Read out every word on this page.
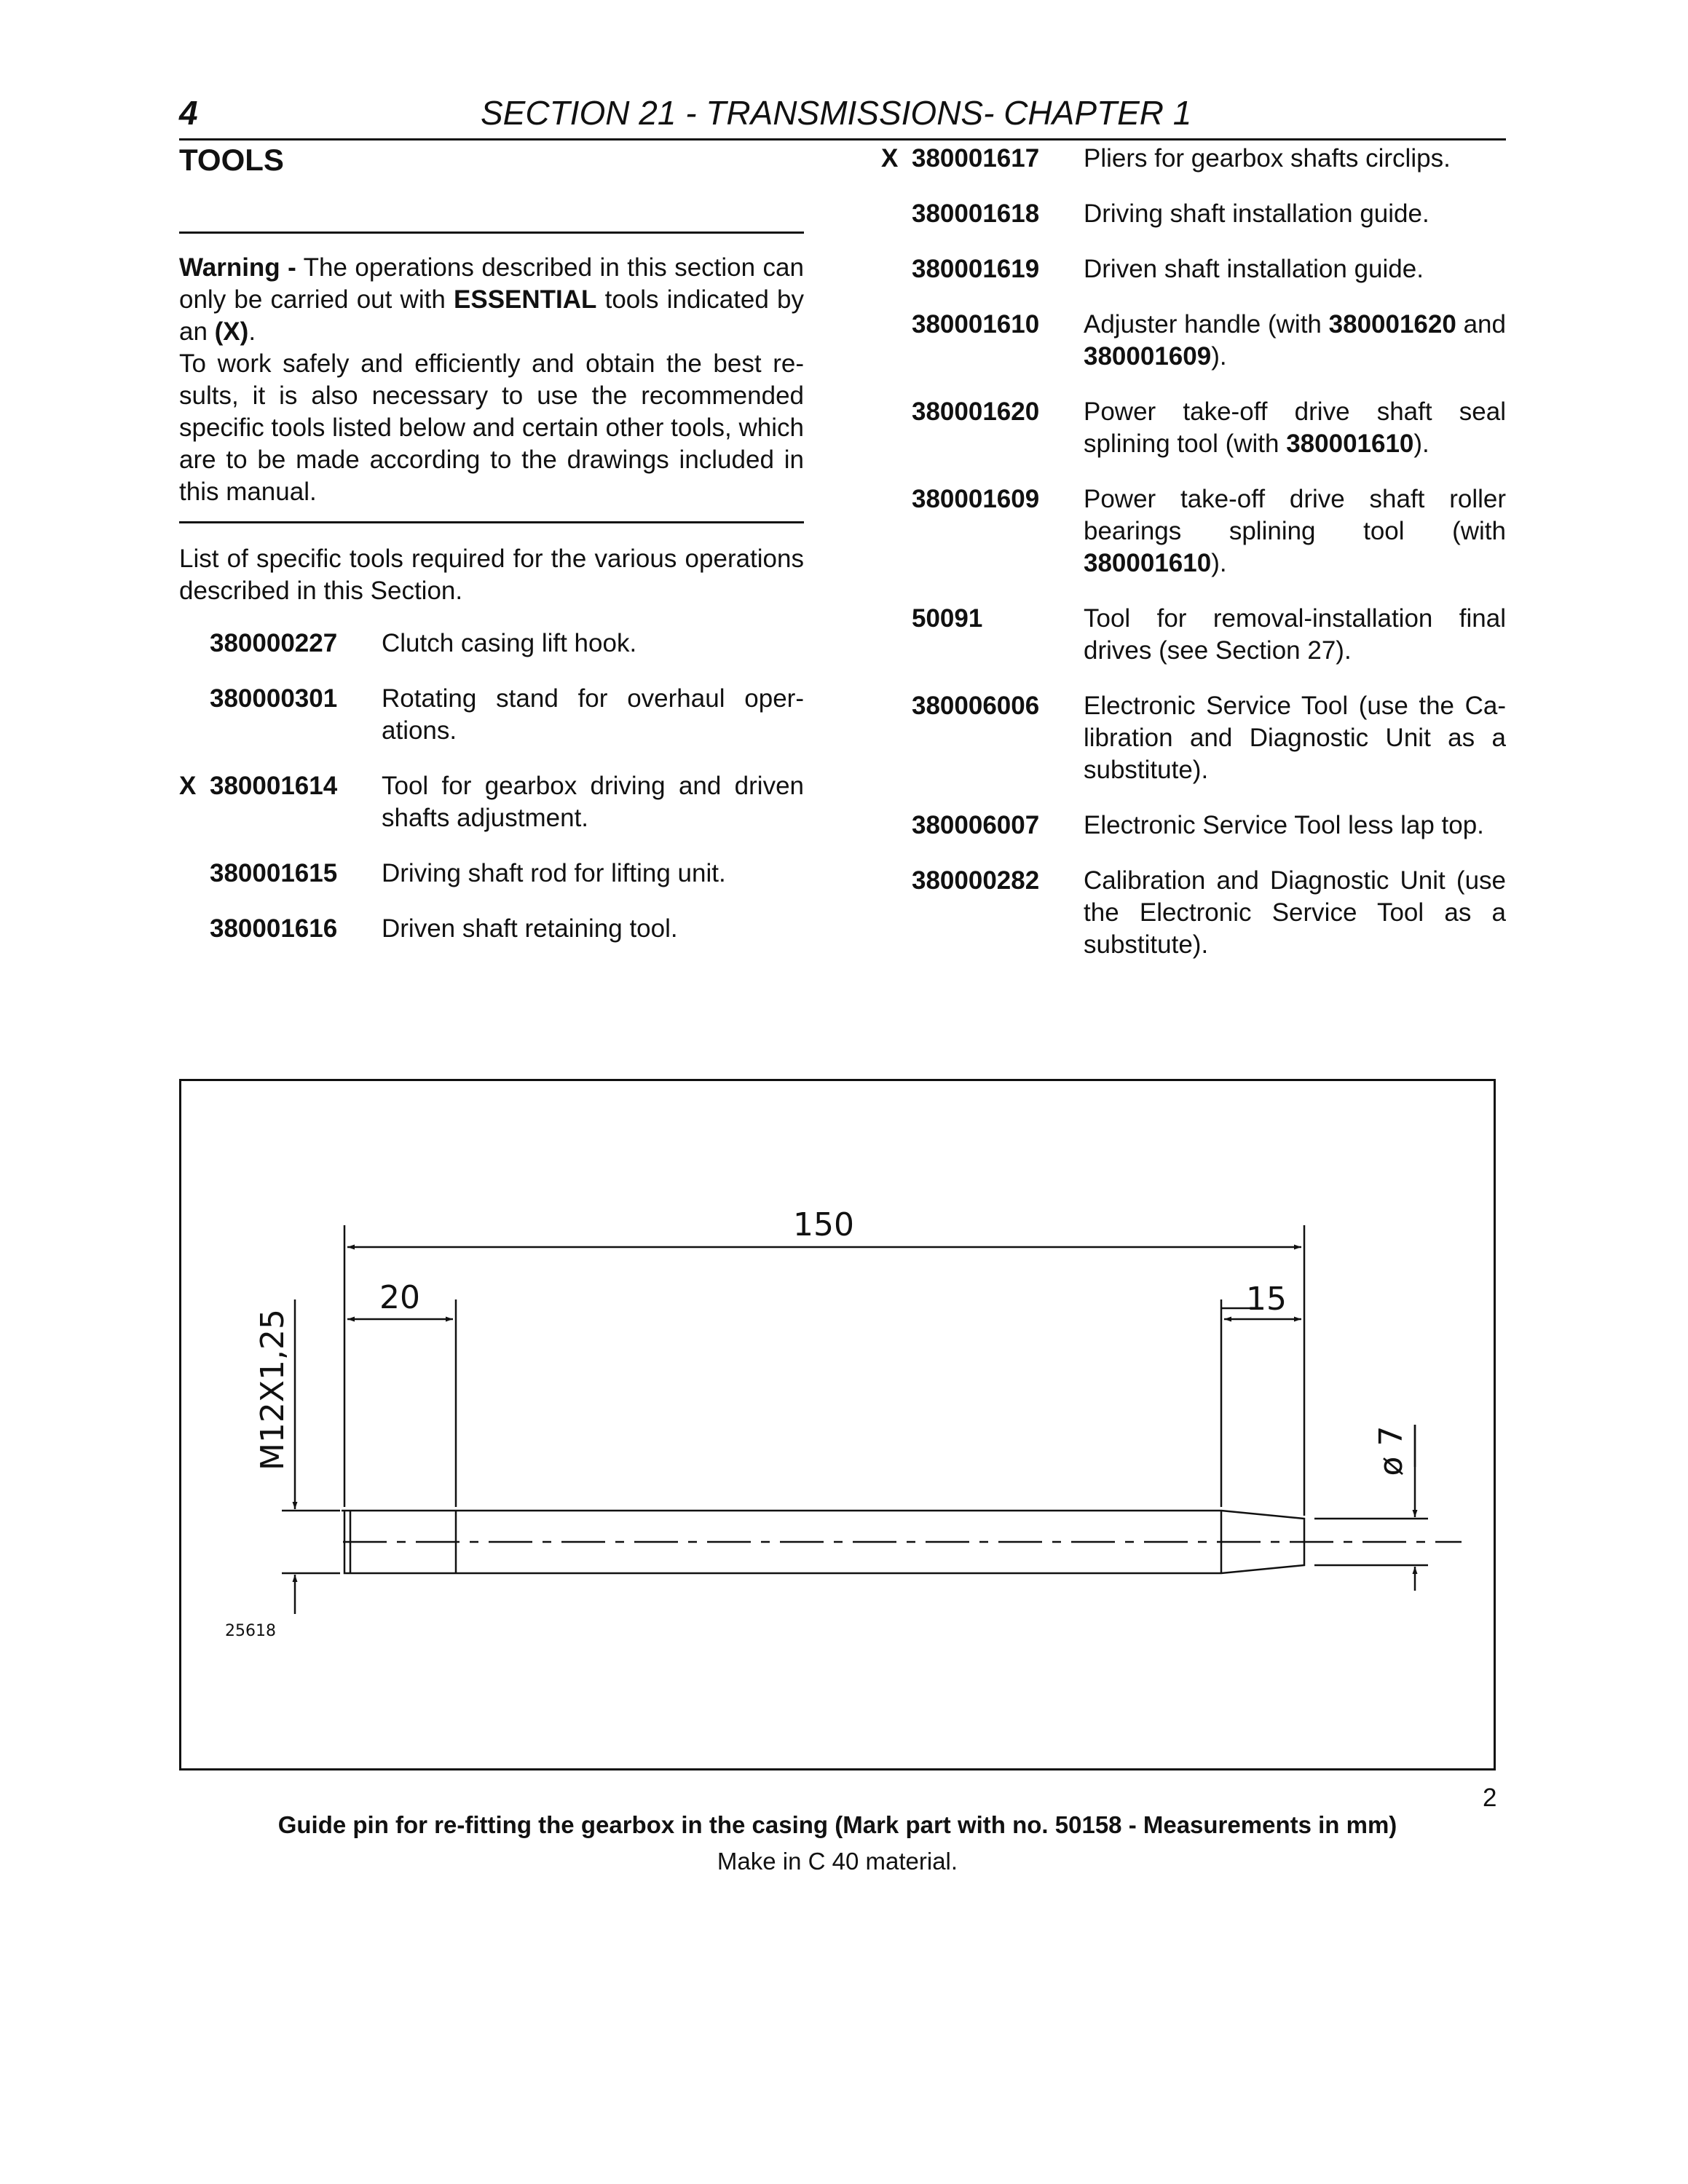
4	SECTION 21 - TRANSMISSIONS- CHAPTER 1
TOOLS
Warning - The operations described in this section can only be carried out with ESSENTIAL tools indicated by an (X).
To work safely and efficiently and obtain the best results, it is also necessary to use the recommended specific tools listed below and certain other tools, which are to be made according to the drawings included in this manual.
List of specific tools required for the various operations described in this Section.
380000227 Clutch casing lift hook.
380000301 Rotating stand for overhaul operations.
X 380001614 Tool for gearbox driving and driven shafts adjustment.
380001615 Driving shaft rod for lifting unit.
380001616 Driven shaft retaining tool.
X 380001617 Pliers for gearbox shafts circlips.
380001618 Driving shaft installation guide.
380001619 Driven shaft installation guide.
380001610 Adjuster handle (with 380001620 and 380001609).
380001620 Power take-off drive shaft seal splining tool (with 380001610).
380001609 Power take-off drive shaft roller bearings splining tool (with 380001610).
50091	Tool for removal-installation final drives (see Section 27).
380006006 Electronic Service Tool (use the Calibration and Diagnostic Unit as a substitute).
380006007 Electronic Service Tool less lap top.
380000282 Calibration and Diagnostic Unit (use the Electronic Service Tool as a substitute).
150
20	15
M12X1,25	ø 7
25618
2
Guide pin for re-fitting the gearbox in the casing (Mark part with no. 50158 - Measurements in mm)
Make in C 40 material.
